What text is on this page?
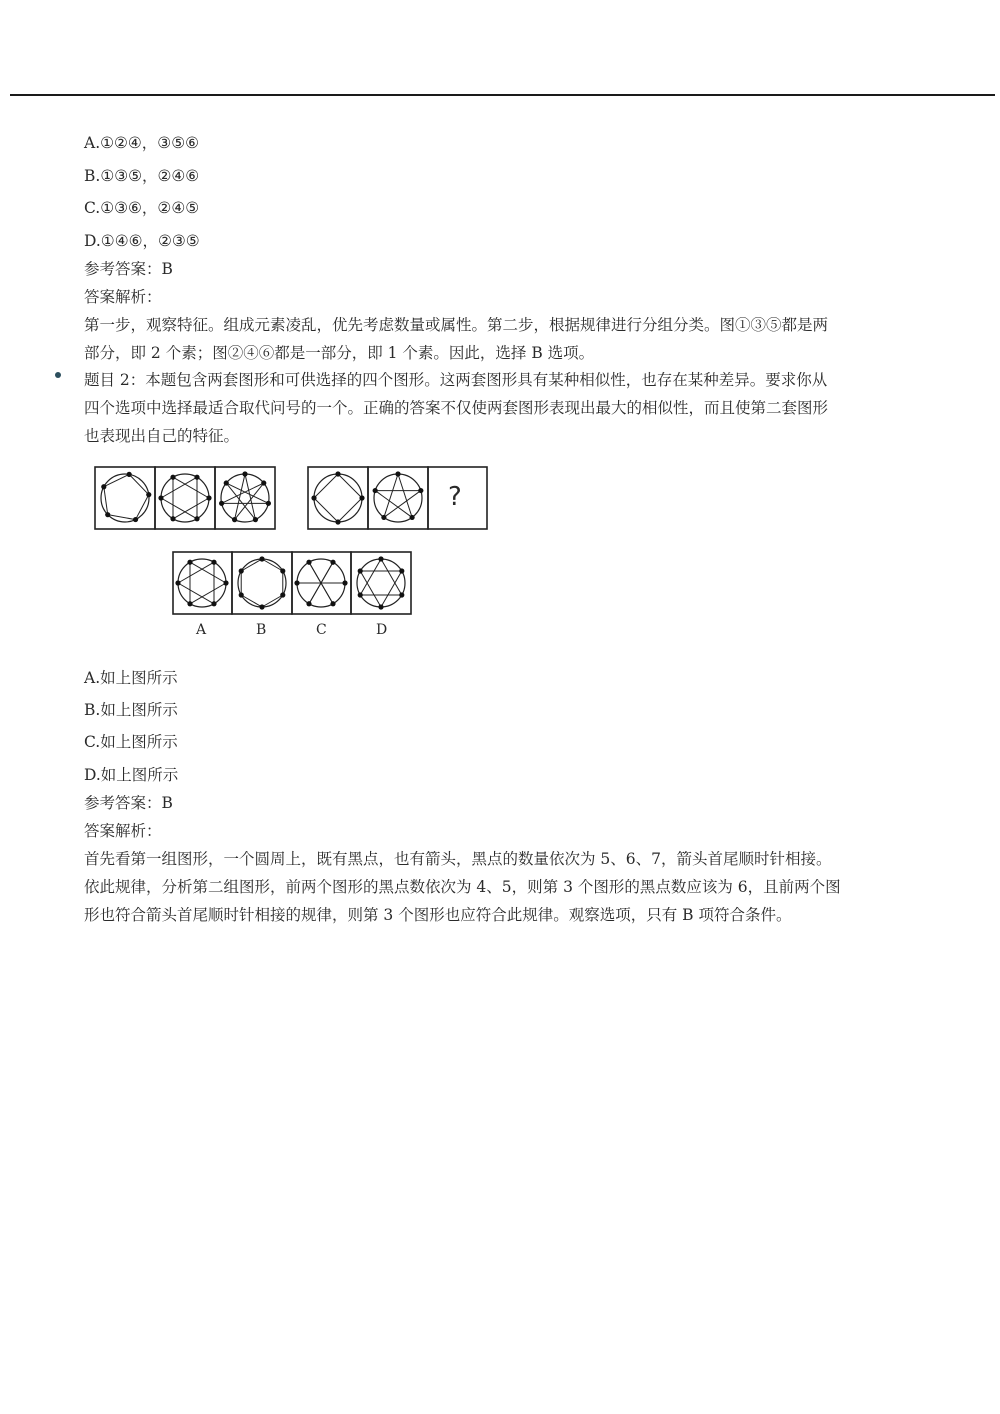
A.①②④，③⑤⑥
B.①③⑤，②④⑥
C.①③⑥，②④⑤
D.①④⑥，②③⑤
参考答案：B
答案解析：
第一步，观察特征。组成元素凌乱，优先考虑数量或属性。第二步，根据规律进行分组分类。图①③⑤都是两
部分，即 2 个素；图②④⑥都是一部分，即 1 个素。因此，选择 B 选项。
题目 2：本题包含两套图形和可供选择的四个图形。这两套图形具有某种相似性，也存在某种差异。要求你从
四个选项中选择最适合取代问号的一个。正确的答案不仅使两套图形表现出最大的相似性，而且使第二套图形
也表现出自己的特征。
?
A	B	C	D
A.如上图所示
B.如上图所示
C.如上图所示
D.如上图所示
参考答案：B
答案解析：
首先看第一组图形，一个圆周上，既有黑点，也有箭头，黑点的数量依次为 5、6、7，箭头首尾顺时针相接。
依此规律，分析第二组图形，前两个图形的黑点数依次为 4、5，则第 3 个图形的黑点数应该为 6，且前两个图
形也符合箭头首尾顺时针相接的规律，则第 3 个图形也应符合此规律。观察选项，只有 B 项符合条件。
